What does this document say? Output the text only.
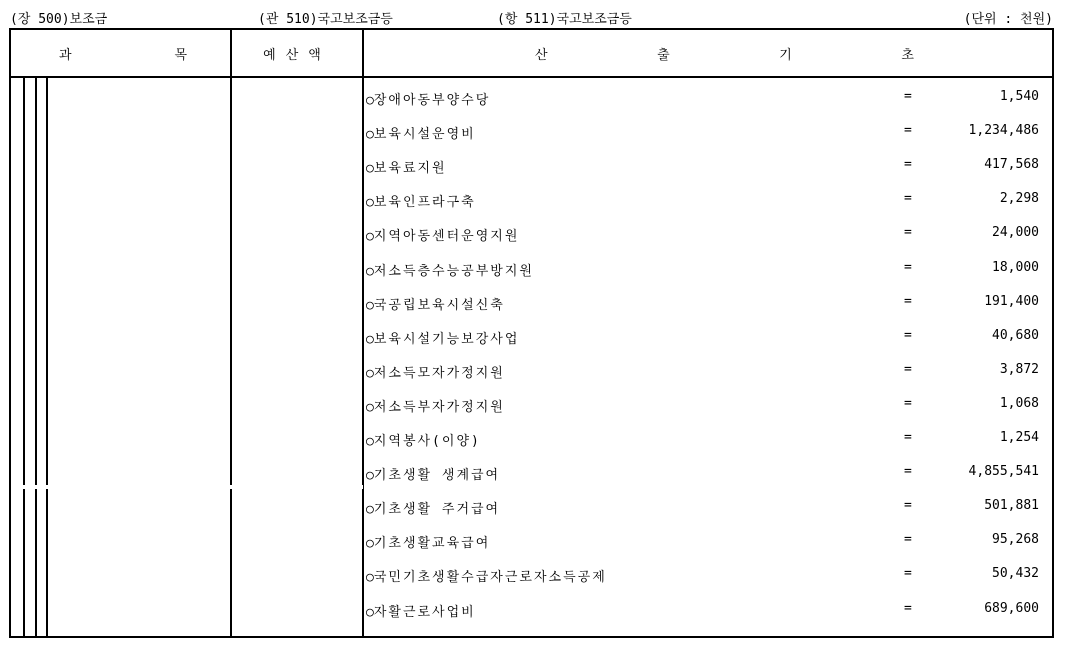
(장 500)보조금	(관 510)국고보조금등	(항 511)국고보조금등	(단위 : 천원)
과	목	예산액	산	출	기	초
○장애아동부양수당	=	1,540
○보육시설운영비	=	1,234,486
○보육료지원	=	417,568
○보육인프라구축	=	2,298
○지역아동센터운영지원	=	24,000
○저소득층수능공부방지원	=	18,000
○국공립보육시설신축	=	191,400
○보육시설기능보강사업	=	40,680
○저소득모자가정지원	=	3,872
○저소득부자가정지원	=	1,068
○지역봉사(이양)	=	1,254
○기초생활 생계급여	=	4,855,541
○기초생활 주거급여	=	501,881
○기초생활교육급여	=	95,268
○국민기초생활수급자근로자소득공제	=	50,432
○자활근로사업비	=	689,600
